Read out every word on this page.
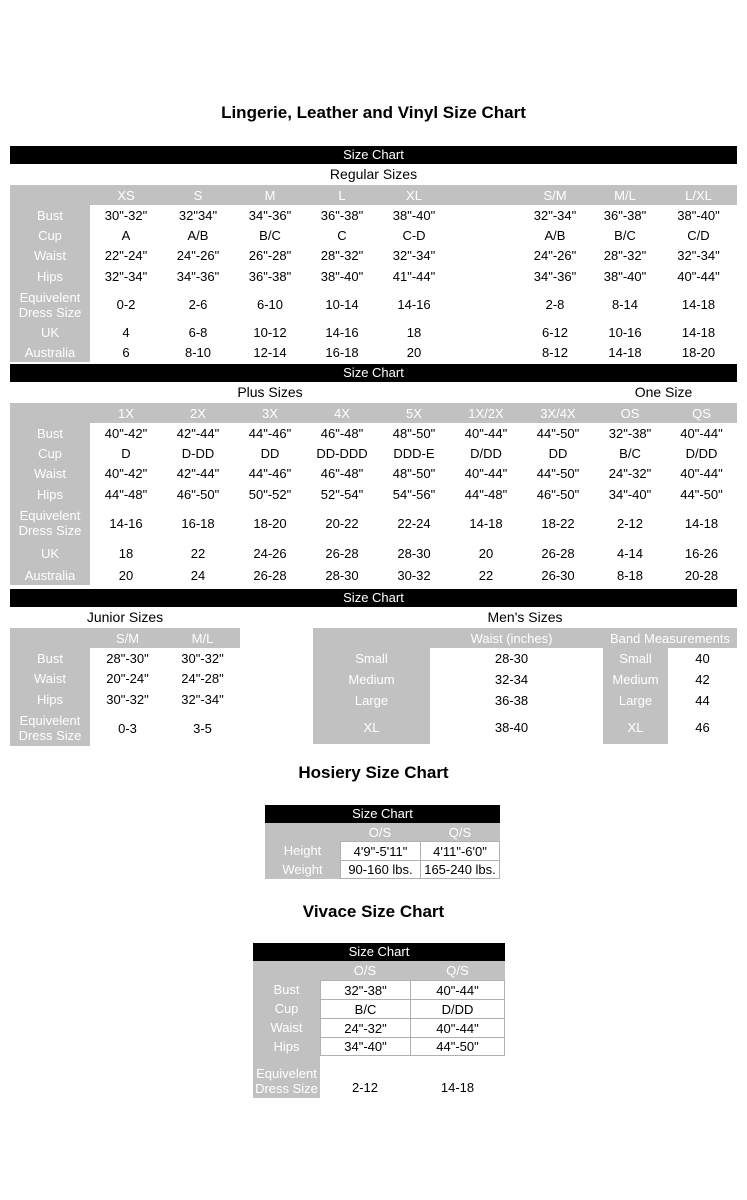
Lingerie, Leather and Vinyl Size Chart
Size Chart
Regular Sizes
XS	S	M	L	XL	S/M	M/L	L/XL
Bust	30"-32"	32"34"	34"-36"	36"-38"	38"-40"	32"-34"	36"-38"	38"-40"
Cup	A	A/B	B/C	C	C-D	A/B	B/C	C/D
Waist	22"-24"	24"-26"	26"-28"	28"-32"	32"-34"	24"-26"	28"-32"	32"-34"
Hips	32"-34"	34"-36"	36"-38"	38"-40"	41"-44"	34"-36"	38"-40"	40"-44"
Equivelent Dress Size	0-2	2-6	6-10	10-14	14-16	2-8	8-14	14-18
UK	4	6-8	10-12	14-16	18	6-12	10-16	14-18
Australia	6	8-10	12-14	16-18	20	8-12	14-18	18-20
Size Chart
Plus Sizes	One Size
1X	2X	3X	4X	5X	1X/2X	3X/4X	OS	QS
Bust	40"-42"	42"-44"	44"-46"	46"-48"	48"-50"	40"-44"	44"-50"	32"-38"	40"-44"
Cup	D	D-DD	DD	DD-DDD	DDD-E	D/DD	DD	B/C	D/DD
Waist	40"-42"	42"-44"	44"-46"	46"-48"	48"-50"	40"-44"	44"-50"	24"-32"	40"-44"
Hips	44"-48"	46"-50"	50"-52"	52"-54"	54"-56"	44"-48"	46"-50"	34"-40"	44"-50"
Equivelent Dress Size	14-16	16-18	18-20	20-22	22-24	14-18	18-22	2-12	14-18
UK	18	22	24-26	26-28	28-30	20	26-28	4-14	16-26
Australia	20	24	26-28	28-30	30-32	22	26-30	8-18	20-28
Size Chart
Junior Sizes	Men's Sizes
S/M	M/L
Bust	28"-30"	30"-32"
Waist	20"-24"	24"-28"
Hips	30"-32"	32"-34"
Equivelent Dress Size	0-3	3-5
Waist (inches)	Band Measurements
Small	28-30	Small	40
Medium	32-34	Medium	42
Large	36-38	Large	44
XL	38-40	XL	46
Hosiery Size Chart
Size Chart
O/S	Q/S
Height	4'9"-5'11"	4'11"-6'0"
Weight	90-160 lbs. 165-240 lbs.
Vivace Size Chart
Size Chart
O/S	Q/S
Bust	32"-38"	40"-44"
Cup	B/C	D/DD
Waist	24"-32"	40"-44"
Hips	34"-40"	44"-50"
Equivelent Dress Size	2-12	14-18
